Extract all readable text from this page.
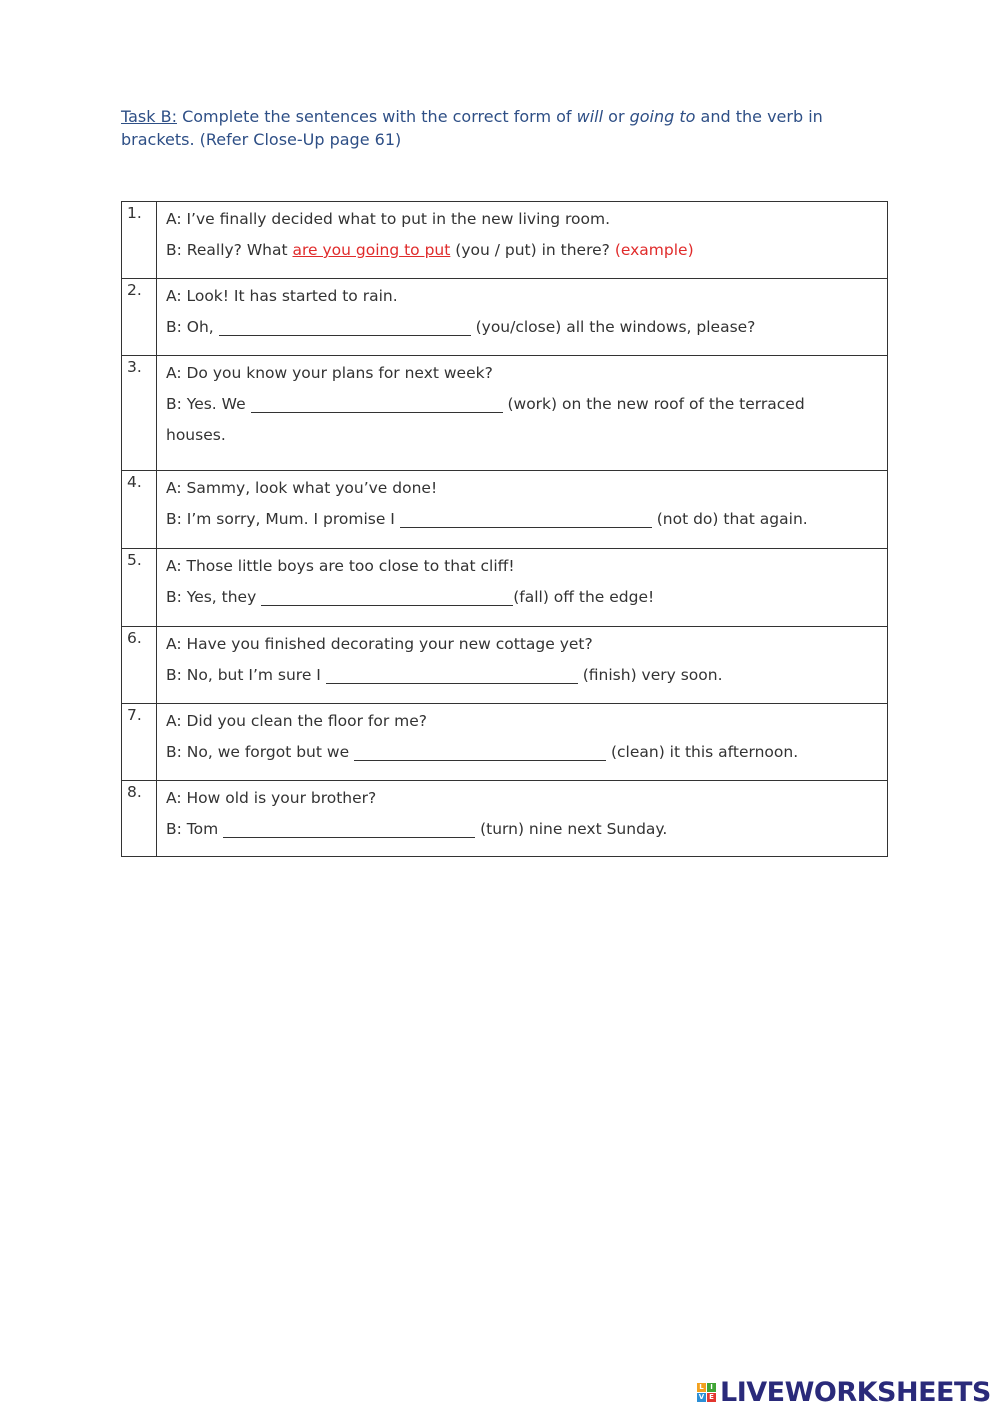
Task B: Complete the sentences with the correct form of will or going to and the verb in brackets. (Refer Close-Up page 61)
1.	A: I’ve finally decided what to put in the new living room.
B: Really? What are you going to put (you / put) in there? (example)

2.	A: Look! It has started to rain.
B: Oh, (you/close) all the windows, please?

3.	A: Do you know your plans for next week?
B: Yes. We (work) on the new roof of the terraced
houses.

4.	A: Sammy, look what you’ve done!
B: I’m sorry, Mum. I promise I (not do) that again.

5.	A: Those little boys are too close to that cliff!
B: Yes, they (fall) off the edge!

6.	A: Have you finished decorating your new cottage yet?
B: No, but I’m sure I (finish) very soon.

7.	A: Did you clean the floor for me?
B: No, we forgot but we (clean) it this afternoon.

8.	A: How old is your brother?
B: Tom (turn) nine next Sunday.
L I
V E LIVEWORKSHEETS
